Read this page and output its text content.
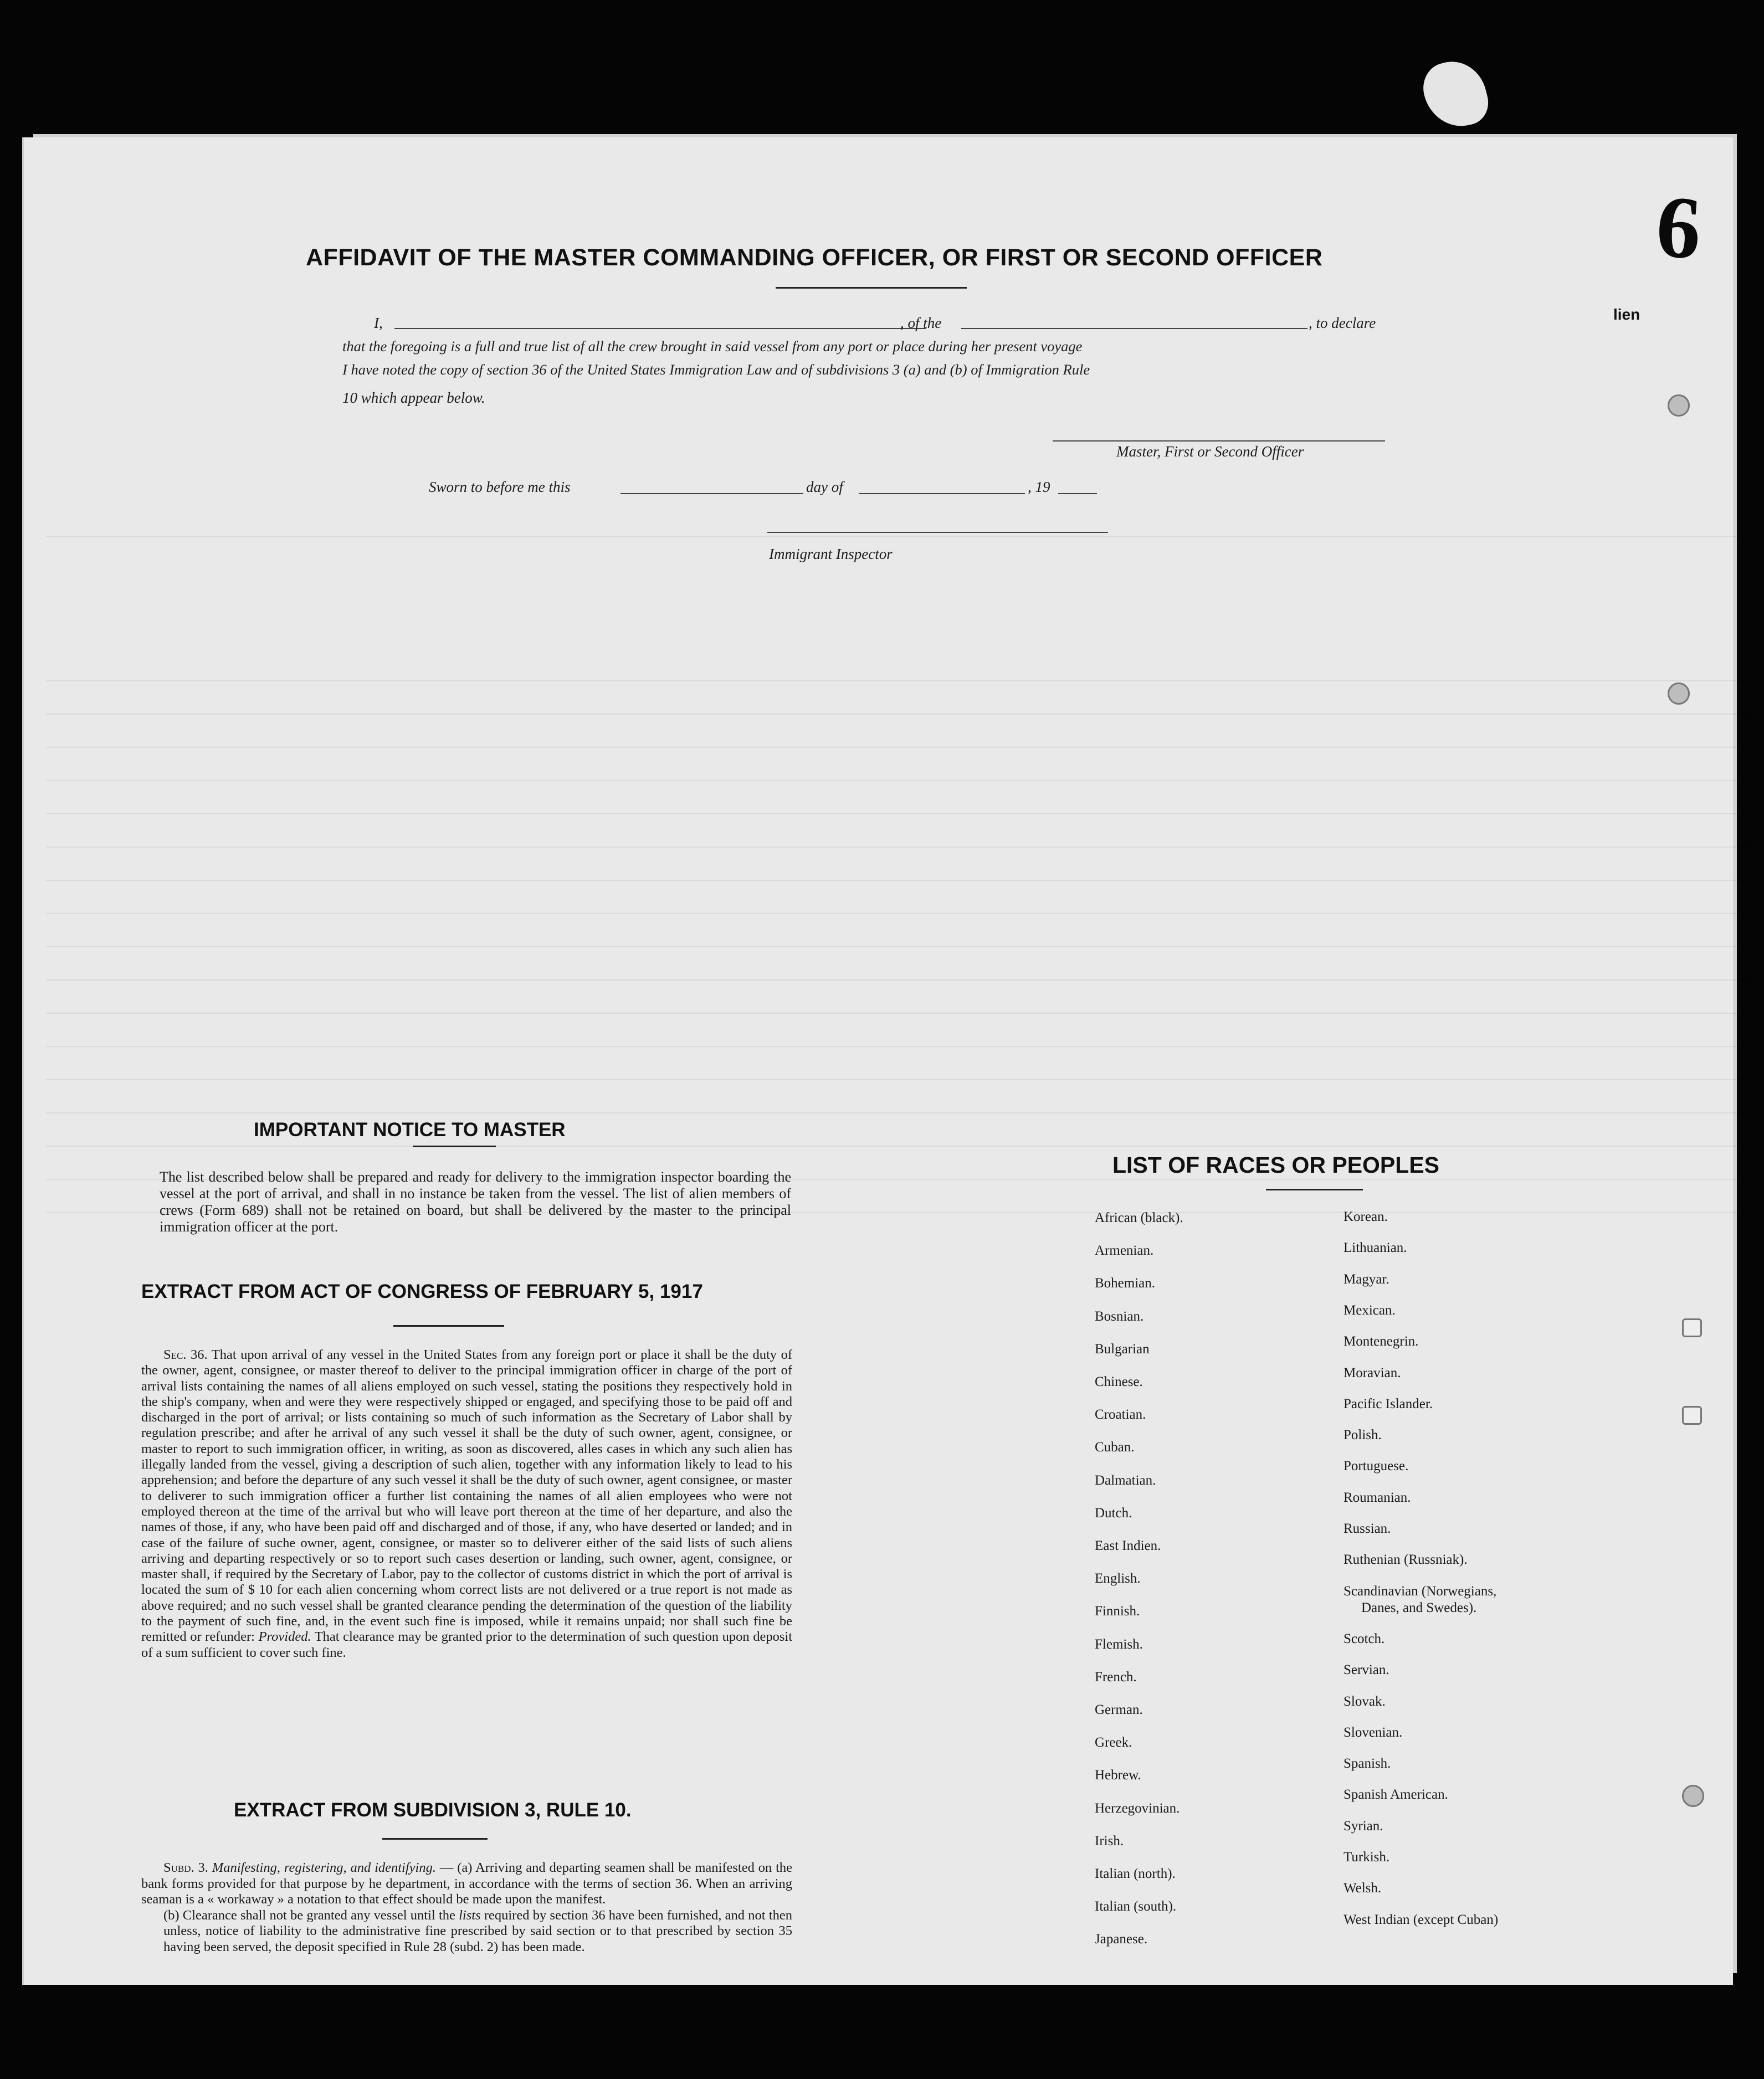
6
lien
AFFIDAVIT OF THE MASTER COMMANDING OFFICER, OR FIRST OR SECOND OFFICER
I,	, of the	, to declare
that the foregoing is a full and true list of all the crew brought in said vessel from any port or place during her present voyage
I have noted the copy of section 36 of the United States Immigration Law and of subdivisions 3 (a) and (b) of Immigration Rule
10 which appear below.
Master, First or Second Officer
Sworn to before me this	day of	, 19
Immigrant Inspector
IMPORTANT NOTICE TO MASTER
The list described below shall be prepared and ready for delivery to the immigration inspector boarding the vessel at the port of arrival, and shall in no instance be taken from the vessel. The list of alien members of crews (Form 689) shall not be retained on board, but shall be delivered by the master to the principal immigration officer at the port.
EXTRACT FROM ACT OF CONGRESS OF FEBRUARY 5, 1917
Sec. 36. That upon arrival of any vessel in the United States from any foreign port or place it shall be the duty of the owner, agent, consignee, or master thereof to deliver to the principal immigration officer in charge of the port of arrival lists containing the names of all aliens employed on such vessel, stating the positions they respectively hold in the ship's company, when and were they were respectively shipped or engaged, and specifying those to be paid off and discharged in the port of arrival; or lists containing so much of such information as the Secretary of Labor shall by regulation prescribe; and after he arrival of any such vessel it shall be the duty of such owner, agent, consignee, or master to report to such immigration officer, in writing, as soon as discovered, alles cases in which any such alien has illegally landed from the vessel, giving a description of such alien, together with any information likely to lead to his apprehension; and before the departure of any such vessel it shall be the duty of such owner, agent consignee, or master to deliverer to such immigration officer a further list containing the names of all alien employees who were not employed thereon at the time of the arrival but who will leave port thereon at the time of her departure, and also the names of those, if any, who have been paid off and discharged and of those, if any, who have deserted or landed; and in case of the failure of suche owner, agent, consignee, or master so to deliverer either of the said lists of such aliens arriving and departing respectively or so to report such cases desertion or landing, such owner, agent, consignee, or master shall, if required by the Secretary of Labor, pay to the collector of customs district in which the port of arrival is located the sum of $ 10 for each alien concerning whom correct lists are not delivered or a true report is not made as above required; and no such vessel shall be granted clearance pending the determination of the question of the liability to the payment of such fine, and, in the event such fine is imposed, while it remains unpaid; nor shall such fine be remitted or refunder: Provided. That clearance may be granted prior to the determination of such question upon deposit of a sum sufficient to cover such fine.
EXTRACT FROM SUBDIVISION 3, RULE 10.
Subd. 3. Manifesting, registering, and identifying. — (a) Arriving and departing seamen shall be manifested on the bank forms provided for that purpose by he department, in accordance with the terms of section 36. When an arriving seaman is a « workaway » a notation to that effect should be made upon the manifest.
(b) Clearance shall not be granted any vessel until the lists required by section 36 have been furnished, and not then unless, notice of liability to the administrative fine prescribed by said section or to that prescribed by section 35 having been served, the deposit specified in Rule 28 (subd. 2) has been made.
LIST OF RACES OR PEOPLES
African (black).
Armenian.
Bohemian.
Bosnian.
Bulgarian
Chinese.
Croatian.
Cuban.
Dalmatian.
Dutch.
East Indien.
English.
Finnish.
Flemish.
French.
German.
Greek.
Hebrew.
Herzegovinian.
Irish.
Italian (north).
Italian (south).
Japanese.
Korean.
Lithuanian.
Magyar.
Mexican.
Montenegrin.
Moravian.
Pacific Islander.
Polish.
Portuguese.
Roumanian.
Russian.
Ruthenian (Russniak).
Scandinavian (Norwegians,
Danes, and Swedes).
Scotch.
Servian.
Slovak.
Slovenian.
Spanish.
Spanish American.
Syrian.
Turkish.
Welsh.
West Indian (except Cuban)
